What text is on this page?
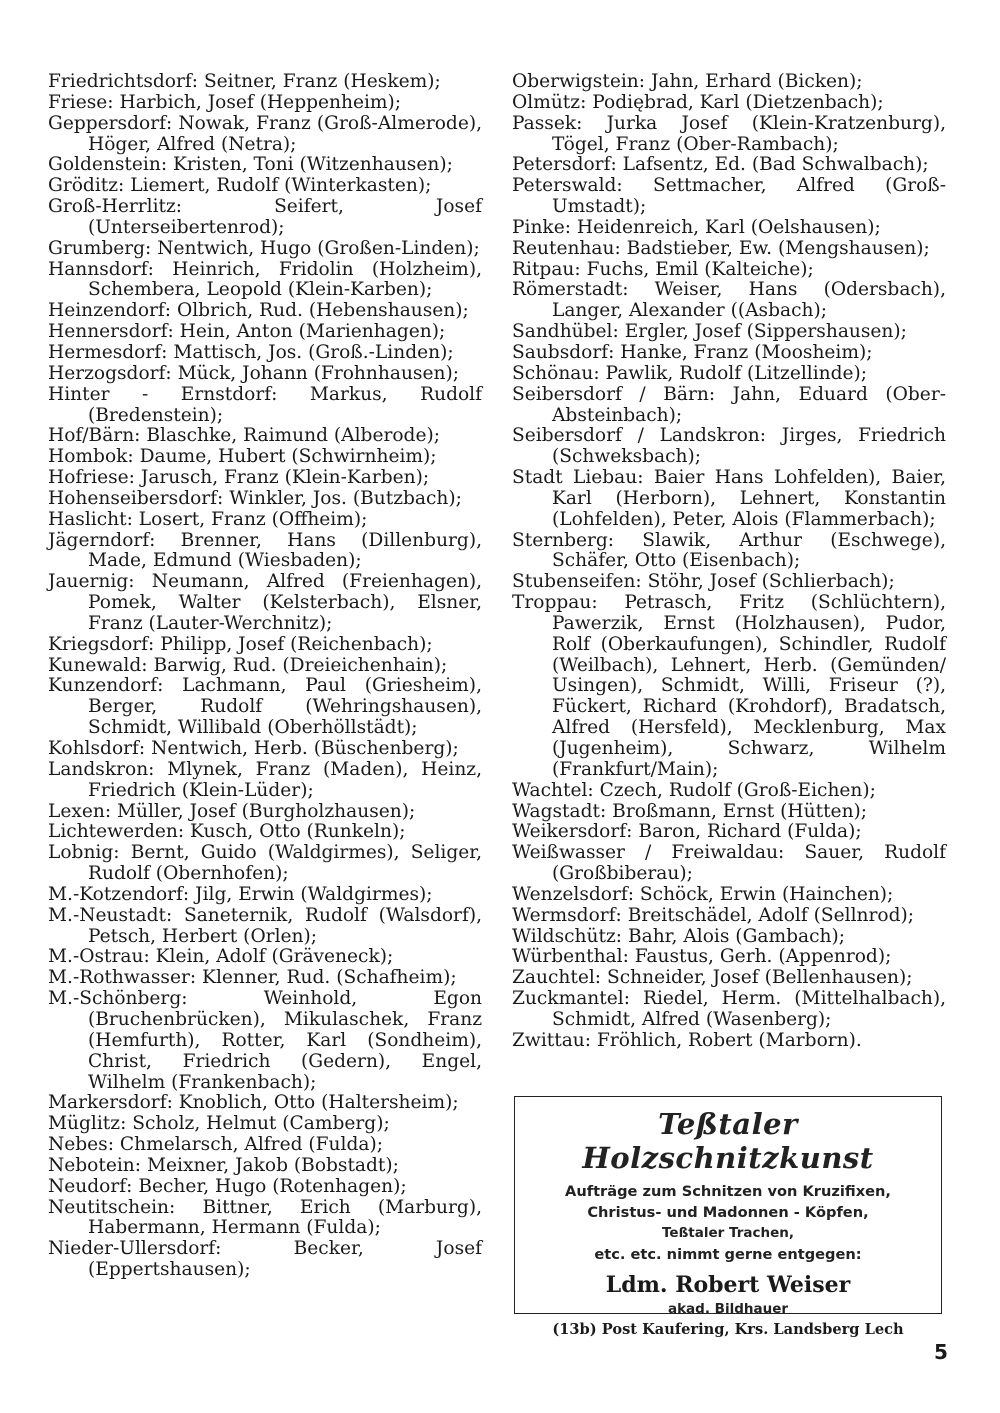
Friedrichtsdorf: Seitner, Franz (Heskem);
Friese: Harbich, Josef (Heppenheim);
Geppersdorf: Nowak, Franz (Groß-Almerode), Höger, Alfred (Netra);
Goldenstein: Kristen, Toni (Witzenhausen);
Gröditz: Liemert, Rudolf (Winterkasten);
Groß-Herrlitz:	Seifert, Josef (Unterseibertenrod);
Grumberg: Nentwich, Hugo (Großen-Linden);
Hannsdorf: Heinrich, Fridolin (Holzheim), Schembera, Leopold (Klein-Karben);
Heinzendorf: Olbrich, Rud. (Hebenshausen);
Hennersdorf: Hein, Anton (Marienhagen);
Hermesdorf: Mattisch, Jos. (Groß.-Linden);
Herzogsdorf: Mück, Johann (Frohnhausen);
Hinter - Ernstdorf: Markus, Rudolf (Bredenstein);
Hof/Bärn: Blaschke, Raimund (Alberode);
Hombok: Daume, Hubert (Schwirnheim);
Hofriese: Jarusch, Franz (Klein-Karben);
Hohenseibersdorf: Winkler, Jos. (Butzbach);
Haslicht: Losert, Franz (Offheim);
Jägerndorf: Brenner, Hans (Dillenburg), Made, Edmund (Wiesbaden);
Jauernig: Neumann, Alfred (Freienhagen), Pomek, Walter (Kelsterbach), Elsner, Franz (Lauter-Werchnitz);
Kriegsdorf: Philipp, Josef (Reichenbach);
Kunewald: Barwig, Rud. (Dreieichenhain);
Kunzendorf: Lachmann, Paul (Griesheim), Berger, Rudolf (Wehringshausen), Schmidt, Willibald (Oberhöllstädt);
Kohlsdorf: Nentwich, Herb. (Büschenberg);
Landskron: Mlynek, Franz (Maden), Heinz, Friedrich (Klein-Lüder);
Lexen: Müller, Josef (Burgholzhausen);
Lichtewerden: Kusch, Otto (Runkeln);
Lobnig: Bernt, Guido (Waldgirmes), Seliger, Rudolf (Obernhofen);
M.-Kotzendorf: Jilg, Erwin (Waldgirmes);
M.-Neustadt: Saneternik, Rudolf (Walsdorf), Petsch, Herbert (Orlen);
M.-Ostrau: Klein, Adolf (Gräveneck);
M.-Rothwasser: Klenner, Rud. (Schafheim);
M.-Schönberg:	Weinhold, Egon (Bruchenbrücken), Mikulaschek, Franz (Hemfurth), Rotter, Karl (Sondheim), Christ, Friedrich (Gedern), Engel, Wilhelm (Frankenbach);
Markersdorf: Knoblich, Otto (Haltersheim);
Müglitz: Scholz, Helmut (Camberg);
Nebes: Chmelarsch, Alfred (Fulda);
Nebotein: Meixner, Jakob (Bobstadt);
Neudorf: Becher, Hugo (Rotenhagen);
Neutitschein: Bittner, Erich (Marburg), Habermann, Hermann (Fulda);
Nieder-Ullersdorf:	Becker, Josef (Eppertshausen);
Oberwigstein: Jahn, Erhard (Bicken);
Olmütz: Podiębrad, Karl (Dietzenbach);
Passek: Jurka Josef (Klein-Kratzenburg), Tögel, Franz (Ober-Rambach);
Petersdorf: Lafsentz, Ed. (Bad Schwalbach);
Peterswald: Settmacher, Alfred (Groß-Umstadt);
Pinke: Heidenreich, Karl (Oelshausen);
Reutenhau: Badstieber, Ew. (Mengshausen);
Ritpau: Fuchs, Emil (Kalteiche);
Römerstadt: Weiser, Hans (Odersbach), Langer, Alexander ((Asbach);
Sandhübel: Ergler, Josef (Sippershausen);
Saubsdorf: Hanke, Franz (Moosheim);
Schönau: Pawlik, Rudolf (Litzellinde);
Seibersdorf / Bärn: Jahn, Eduard (Ober-Absteinbach);
Seibersdorf / Landskron: Jirges, Friedrich (Schweksbach);
Stadt Liebau: Baier Hans Lohfelden), Baier, Karl (Herborn), Lehnert, Konstantin (Lohfelden), Peter, Alois (Flammerbach);
Sternberg: Slawik, Arthur (Eschwege), Schäfer, Otto (Eisenbach);
Stubenseifen: Stöhr, Josef (Schlierbach);
Troppau: Petrasch, Fritz (Schlüchtern), Pawerzik, Ernst (Holzhausen), Pudor, Rolf (Oberkaufungen), Schindler, Rudolf (Weilbach), Lehnert, Herb. (Gemünden/ Usingen), Schmidt, Willi, Friseur (?), Fückert, Richard (Krohdorf), Bradatsch, Alfred (Hersfeld), Mecklenburg, Max (Jugenheim), Schwarz, Wilhelm (Frankfurt/Main);
Wachtel: Czech, Rudolf (Groß-Eichen);
Wagstadt: Broßmann, Ernst (Hütten);
Weikersdorf: Baron, Richard (Fulda);
Weißwasser / Freiwaldau: Sauer, Rudolf (Großbiberau);
Wenzelsdorf: Schöck, Erwin (Hainchen);
Wermsdorf: Breitschädel, Adolf (Sellnrod);
Wildschütz: Bahr, Alois (Gambach);
Würbenthal: Faustus, Gerh. (Appenrod);
Zauchtel: Schneider, Josef (Bellenhausen);
Zuckmantel: Riedel, Herm. (Mittelhalbach), Schmidt, Alfred (Wasenberg);
Zwittau: Fröhlich, Robert (Marborn).
Teßtaler Holzschnitzkunst
Aufträge zum Schnitzen von Kruzifixen,
Christus- und Madonnen - Köpfen,
Teßtaler Trachen,
etc. etc. nimmt gerne entgegen:
Ldm. Robert Weiser
akad. Bildhauer
(13b) Post Kaufering, Krs. Landsberg Lech
5
